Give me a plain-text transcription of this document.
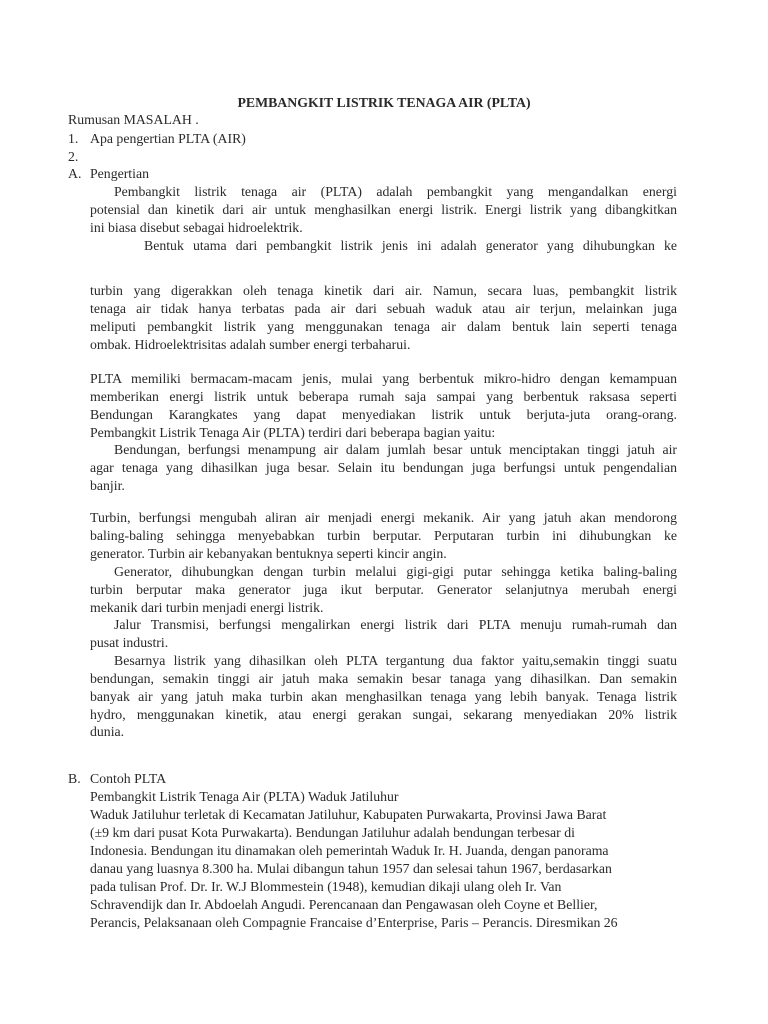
PEMBANGKIT LISTRIK TENAGA AIR (PLTA)
Rumusan MASALAH .
1. Apa pengertian PLTA (AIR)
2.
A. Pengertian
Pembangkit listrik tenaga air (PLTA) adalah pembangkit yang mengandalkan energi
potensial dan kinetik dari air untuk menghasilkan energi listrik. Energi listrik yang dibangkitkan
ini biasa disebut sebagai hidroelektrik.
Bentuk utama dari pembangkit listrik jenis ini adalah generator yang dihubungkan ke
turbin yang digerakkan oleh tenaga kinetik dari air. Namun, secara luas, pembangkit listrik
tenaga air tidak hanya terbatas pada air dari sebuah waduk atau air terjun, melainkan juga
meliputi pembangkit listrik yang menggunakan tenaga air dalam bentuk lain seperti tenaga
ombak. Hidroelektrisitas adalah sumber energi terbaharui.
PLTA memiliki bermacam-macam jenis, mulai yang berbentuk mikro-hidro dengan kemampuan
memberikan energi listrik untuk beberapa rumah saja sampai yang berbentuk raksasa seperti
Bendungan Karangkates yang dapat menyediakan listrik untuk berjuta-juta orang-orang.
Pembangkit Listrik Tenaga Air (PLTA) terdiri dari beberapa bagian yaitu:
Bendungan, berfungsi menampung air dalam jumlah besar untuk menciptakan tinggi jatuh air
agar tenaga yang dihasilkan juga besar. Selain itu bendungan juga berfungsi untuk pengendalian
banjir.
Turbin, berfungsi mengubah aliran air menjadi energi mekanik. Air yang jatuh akan mendorong
baling-baling sehingga menyebabkan turbin berputar. Perputaran turbin ini dihubungkan ke
generator. Turbin air kebanyakan bentuknya seperti kincir angin.
Generator, dihubungkan dengan turbin melalui gigi-gigi putar sehingga ketika baling-baling
turbin berputar maka generator juga ikut berputar. Generator selanjutnya merubah energi
mekanik dari turbin menjadi energi listrik.
Jalur Transmisi, berfungsi mengalirkan energi listrik dari PLTA menuju rumah-rumah dan
pusat industri.
Besarnya listrik yang dihasilkan oleh PLTA tergantung dua faktor yaitu,semakin tinggi suatu
bendungan, semakin tinggi air jatuh maka semakin besar tanaga yang dihasilkan. Dan semakin
banyak air yang jatuh maka turbin akan menghasilkan tenaga yang lebih banyak. Tenaga listrik
hydro, menggunakan kinetik, atau energi gerakan sungai, sekarang menyediakan 20% listrik
dunia.
B. Contoh PLTA
Pembangkit Listrik Tenaga Air (PLTA) Waduk Jatiluhur
Waduk Jatiluhur terletak di Kecamatan Jatiluhur, Kabupaten Purwakarta, Provinsi Jawa Barat
(±9 km dari pusat Kota Purwakarta). Bendungan Jatiluhur adalah bendungan terbesar di
Indonesia. Bendungan itu dinamakan oleh pemerintah Waduk Ir. H. Juanda, dengan panorama
danau yang luasnya 8.300 ha. Mulai dibangun tahun 1957 dan selesai tahun 1967, berdasarkan
pada tulisan Prof. Dr. Ir. W.J Blommestein (1948), kemudian dikaji ulang oleh Ir. Van
Schravendijk dan Ir. Abdoelah Angudi. Perencanaan dan Pengawasan oleh Coyne et Bellier,
Perancis, Pelaksanaan oleh Compagnie Francaise d’Enterprise, Paris – Perancis. Diresmikan 26
